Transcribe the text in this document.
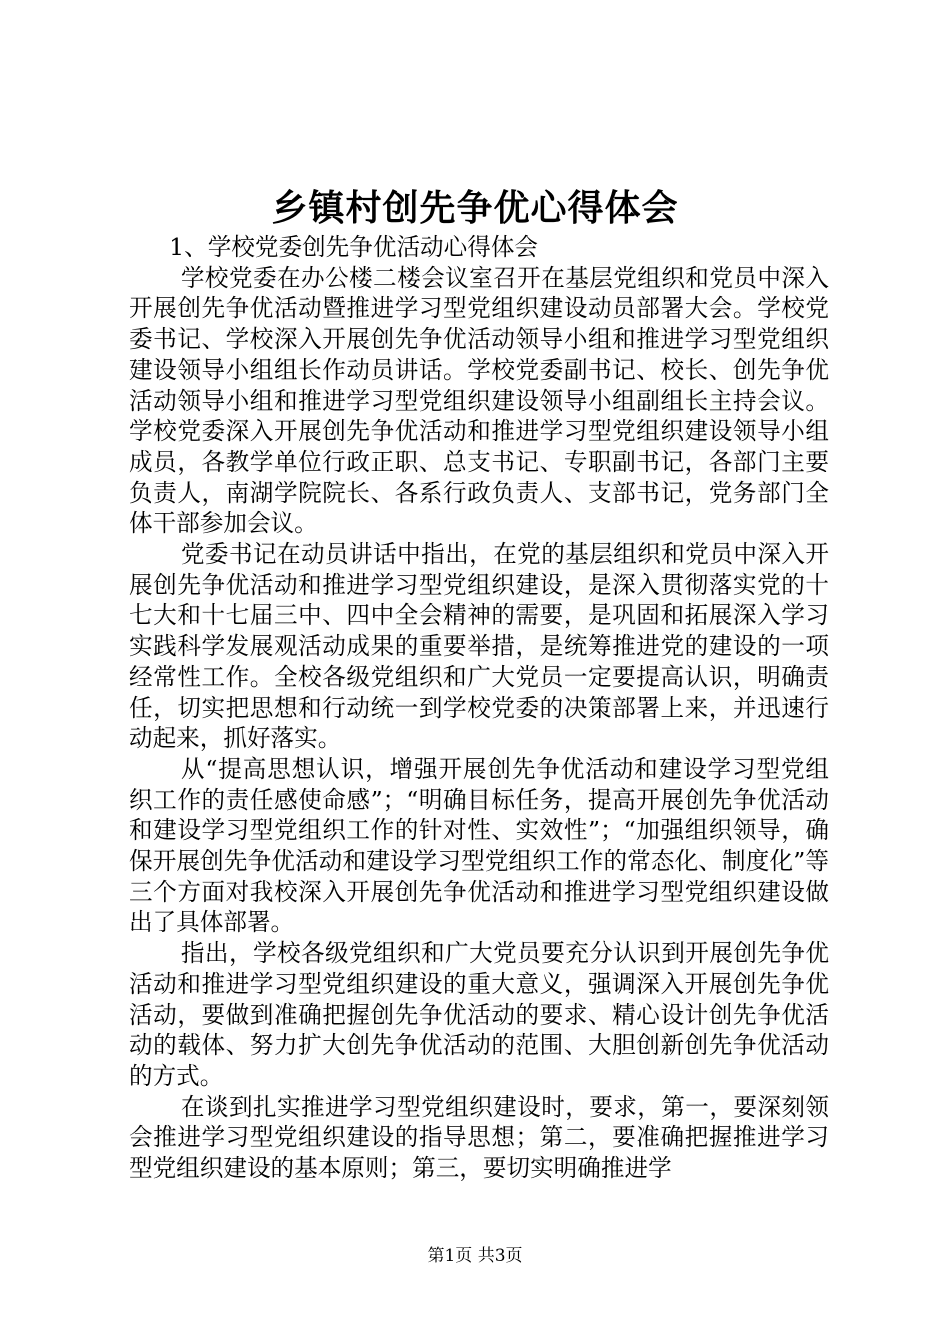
乡镇村创先争优心得体会

1、学校党委创先争优活动心得体会

学校党委在办公楼二楼会议室召开在基层党组织和党员中深入开展创先争优活动暨推进学习型党组织建设动员部署大会。学校党委书记、学校深入开展创先争优活动领导小组和推进学习型党组织建设领导小组组长作动员讲话。学校党委副书记、校长、创先争优活动领导小组和推进学习型党组织建设领导小组副组长主持会议。学校党委深入开展创先争优活动和推进学习型党组织建设领导小组成员，各教学单位行政正职、总支书记、专职副书记，各部门主要负责人，南湖学院院长、各系行政负责人、支部书记，党务部门全体干部参加会议。

党委书记在动员讲话中指出，在党的基层组织和党员中深入开展创先争优活动和推进学习型党组织建设，是深入贯彻落实党的十七大和十七届三中、四中全会精神的需要，是巩固和拓展深入学习实践科学发展观活动成果的重要举措，是统筹推进党的建设的一项经常性工作。全校各级党组织和广大党员一定要提高认识，明确责任，切实把思想和行动统一到学校党委的决策部署上来，并迅速行动起来，抓好落实。

从“提高思想认识，增强开展创先争优活动和建设学习型党组织工作的责任感使命感”；“明确目标任务，提高开展创先争优活动和建设学习型党组织工作的针对性、实效性”；“加强组织领导，确保开展创先争优活动和建设学习型党组织工作的常态化、制度化”等三个方面对我校深入开展创先争优活动和推进学习型党组织建设做出了具体部署。

指出，学校各级党组织和广大党员要充分认识到开展创先争优活动和推进学习型党组织建设的重大意义，强调深入开展创先争优活动，要做到准确把握创先争优活动的要求、精心设计创先争优活动的载体、努力扩大创先争优活动的范围、大胆创新创先争优活动的方式。

在谈到扎实推进学习型党组织建设时，要求，第一，要深刻领会推进学习型党组织建设的指导思想；第二，要准确把握推进学习型党组织建设的基本原则；第三，要切实明确推进学

第1页 共3页
